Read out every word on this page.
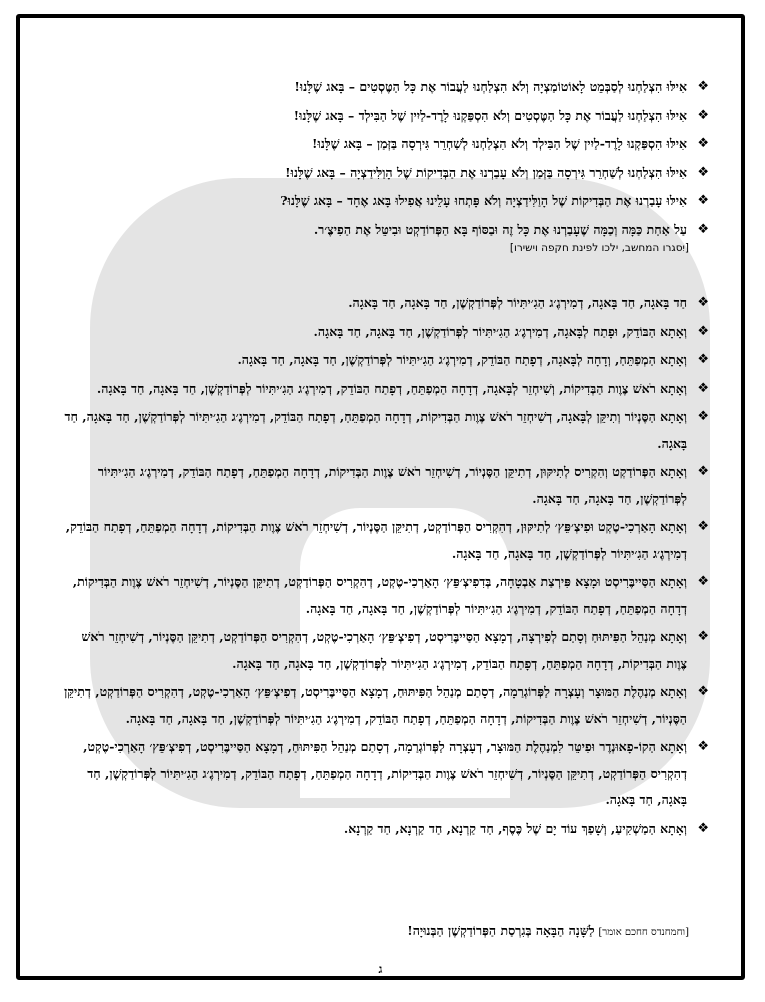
❖
אִילּוּ הִצְלַחְנוּ לְסַבְּמֵט לָאוֹטוֹמַצְיָה וְלֹא הִצְלַחְנוּ לַעֲבוֹר אֶת כָּל הַטֶּסְטִים – בָּאג שֶׁלָּנוּ!
❖
אִילּוּ הִצְלַחְנוּ לַעֲבוֹר אֶת כָּל הַטֶּסְטִים וְלֹא הִסְפַּקְנוּ לָרֶד-לַיִין שֶׁל הַבִּילְד – בָּאג שֶׁלָּנוּ!
❖
אִילּוּ הִסְפַּקְנוּ לָרֶד-לַיִין שֶׁל הַבִּילְד וְלֹא הִצְלַחְנוּ לְשַׁחְרֵר גִּירְסָה בַּזְּמַן – בָּאג שֶׁלָּנוּ!
❖
אִילּוּ הִצְלַחְנוּ לְשַׁחְרֵר גִּירְסָה בַּזְּמַן וְלֹא עָבַרְנוּ אֶת הַבְּדִיקוֹת שֶׁל הָוַלִּידַצְיָה – בָּאג שֶׁלָּנוּ!
❖
אִילּוּ עָבַרְנוּ אֶת הַבְּדִיקוֹת שֶׁל הָוַלִּידַצְיָה וְלֹא פָּתְחוּ עָלֵינוּ אֲפִילוּ בָּאג אֶחָד – בָּאג שֶׁלָּנוּ?
❖
עַל אַחַת כַּמָּה וְכַמָּה שֶׁעָבַרְנוּ אֶת כָּל זֶה וּבַסּוֹף בָּא הַפְּרוֹדַקְט וּבִיטֵּל אֶת הַפִיצֶ׳ר.
[יִסגרו המחשב, ילכו לפינת חקפה וישירו]
❖
חַד בָּאגָה, חַד בָּאגָה, דְמִירְגֶ׳ג הַגִ׳יתִּיוֹר לְפְּרוֹדַקְשֶׁן, חַד בָּאגָה, חַד בָּאגָה.
❖
וְאָתָא הַבּוֹדֵק, וּפָתַח לְבָּאגָה, דְמִירְגֶ׳ג הַגִ׳יתִּיוֹר לְפְּרוֹדַקְשֶׁן, חַד בָּאגָה, חַד בָּאגָה.
❖
וְאָתָא הַמְפַתֵּחַ, וְדָחָה לְבָּאגָה, דְפָתַח הַבּוֹדֵק, דְמִירְגֶ׳ג הַגִ׳יתִּיוֹר לְפְּרוֹדַקְשֶׁן, חַד בָּאגָה, חַד בָּאגָה.
❖
וְאָתָא רֹאשׁ צֶוֶות הַבְּדִיקוֹת, וְשִׁיחְזֵר לְבָּאגָה, דְדָחָה הַמְפַתֵּחַ, דְפָתַח הַבּוֹדֵק, דְמִירְגֶ׳ג הַגִ׳יתִּיוֹר לְפְּרוֹדַקְשֶׁן, חַד בָּאגָה, חַד בָּאגָה.
❖
וְאָתָא הַסֶּנְיוֹר וְתִיקֵּן לְבָּאגָה, דְשִׁיחְזֵר רֹאשׁ צֶוֶות הַבְּדִיקוֹת, דְדָחָה הַמְפַתֵּחַ, דְפָתַח הַבּוֹדֵק, דְמִירְגֶ׳ג הַגִ׳יתִּיוֹר לְפְּרוֹדַקְשֶׁן, חַד בָּאגָה, חַד בָּאגָה.
❖
וְאָתָא הַפְּרוֹדַקְט וְהִקְרִיס לְתִיקּוּן, דְתִיקֵּן הַסֶּנְיוֹר, דְשִׁיחְזֵר רֹאשׁ צֶוֶות הַבְּדִיקוֹת, דְדָחָה הַמְפַתֵּחַ, דְפָתַח הַבּוֹדֵק, דְמִירְגֶ׳ג הַגִ׳יתִּיוֹר לְפְּרוֹדַקְשֶׁן, חַד בָּאגָה, חַד בָּאגָה.
❖
וְאָתָא הָאַרְכִי-טֶקְט וּפִיצְ׳פֵּץ׳ לְתִיקּוּן, דְהִקְרִיס הַפְּרוֹדַקְט, דְתִיקֵּן הַסֶּנְיוֹר, דְשִׁיחְזֵר רֹאשׁ צֶוֶות הַבְּדִיקוֹת, דְדָחָה הַמְפַתֵּחַ, דְפָתַח הַבּוֹדֵק, דְמִירְגֶ׳ג הַגִ׳יתִּיוֹר לְפְּרוֹדַקְשֶׁן, חַד בָּאגָה, חַד בָּאגָה.
❖
וְאָתָא הַסַּייבֶּרִיסְט וּמָצָא פִּירְצַת אַבְטָחָה, בְּדִפִיצְ׳פֵּץ׳ הָאַרְכִי-טֶקְט, דְהִקְרִיס הַפְּרוֹדַקְט, דְתִיקֵּן הַסֶּנְיוֹר, דְשִׁיחְזֵר רֹאשׁ צֶוֶות הַבְּדִיקוֹת, דְדָחָה הַמְפַתֵּחַ, דְפָתַח הַבּוֹדֵק, דְמִירְגֶ׳ג הַגִ׳יתִּיוֹר לְפְּרוֹדַקְשֶׁן, חַד בָּאגָה, חַד בָּאגָה.
❖
וְאָתָא מְנַהֵל הַפִּיתּוּחַ וְסָתַם לְפִירְצָה, דְמָצָא הַסַּייבֶּרִיסְט, דְפִיצְ׳פֵּץ׳ הָאַרְכִי-טֶקְט, דְהִקְרִיס הַפְּרוֹדַקְט, דְתִיקֵּן הַסֶּנְיוֹר, דְשִׁיחְזֵר רֹאשׁ צֶוֶות הַבְּדִיקוֹת, דְדָחָה הַמְפַתֵּחַ, דְפָתַח הַבּוֹדֵק, דְמִירְגֶ׳ג הַגִ׳יתִּיוֹר לְפְּרוֹדַקְשֶׁן, חַד בָּאגָה, חַד בָּאגָה.
❖
וְאָתָא מְנַהֶלֶת הַמּוּצָר וְעָצְרָה לַפְּרוֹגְרַמָה, דְסָתַם מְנַהֵל הַפִּיתּוּחַ, דְמָצָא הַסַּייבֶּרִיסְט, דְפִיצְ׳פֵּץ׳ הָאַרְכִי-טֶקְט, דְהִקְרִיס הַפְּרוֹדַקְט, דְתִיקֵּן הַסֶּנְיוֹר, דְשִׁיחְזֵר רֹאשׁ צֶוֶות הַבְּדִיקוֹת, דְדָחָה הַמְפַתֵּחַ, דְפָתַח הַבּוֹדֵק, דְמִירְגֶ׳ג הַגִ׳יתִּיוֹר לְפְּרוֹדַקְשֶׁן, חַד בָּאגָה, חַד בָּאגָה.
❖
וְאָתָא הַקוֹ-פָאוּנְדֶר וּפִיטֵּר לִמְנַהֶלֶת הַמּוּצָר, דְעָצְרָה לַפְּרוֹגְרַמָה, דְסָתַם מְנַהֵל הַפִּיתּוּחַ, דְמָצָא הַסַּייבֶּרִיסְט, דְפִיצְ׳פֵּץ׳ הָאַרְכִי-טֶקְט, דְהִקְרִיס הַפְּרוֹדַקְט, דְתִיקֵּן הַסֶּנְיוֹר, דְשִׁיחְזֵר רֹאשׁ צֶוֶות הַבְּדִיקוֹת, דְדָחָה הַמְפַתֵּחַ, דְפָתַח הַבּוֹדֵק, דְמִירְגֶ׳ג הַגִ׳יתִּיוֹר לְפְּרוֹדַקְשֶׁן, חַד בָּאגָה, חַד בָּאגָה.
❖
וְאָתָא הַמַשְׁקִיעַ, וְשָׁפַךְ עוֹד יָם שֶׁל כֶּסֶף, חַד קַרְנָא, חַד קַרְנָא, חַד קַרְנָא.
[וחמחנדס חחכם אומר] לַשָּׁנָה הַבָּאָה בְּגִרְסַת הַפְּרוֹדַקְשֶׁן הַבְּנוּיָה!
ג
